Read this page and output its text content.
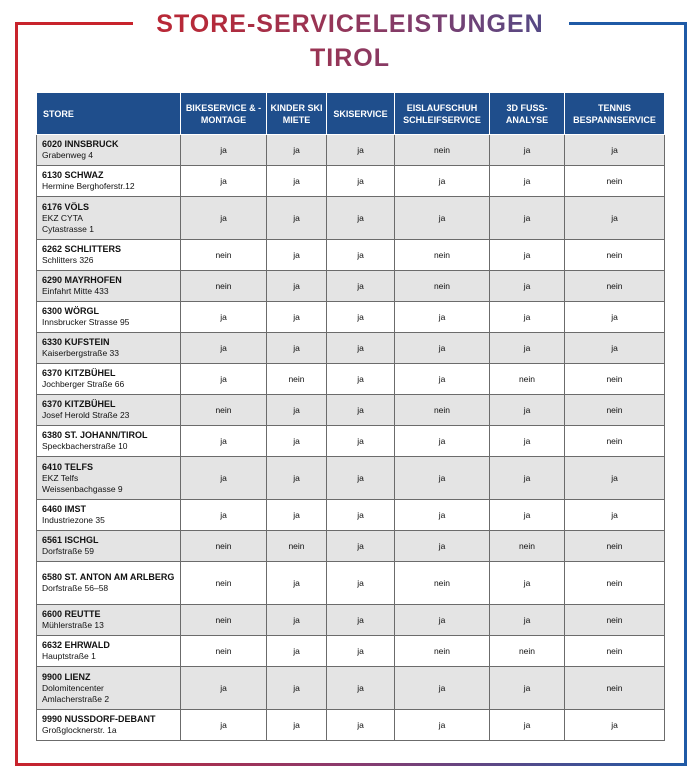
STORE-SERVICELEISTUNGEN
TIROL
STORE	BIKESERVICE & -MONTAGE	KINDER SKI MIETE	SKISERVICE	EISLAUFSCHUH SCHLEIFSERVICE	3D FUSS-ANALYSE	TENNIS BESPANNSERVICE

6020 INNSBRUCK
Grabenweg 4	ja	ja	ja	nein	ja	ja

6130 SCHWAZ
Hermine Berghoferstr.12	ja	ja	ja	ja	ja	nein

6176 VÖLS
EKZ CYTA
Cytastrasse 1	ja	ja	ja	ja	ja	ja

6262 SCHLITTERS
Schlitters 326	nein	ja	ja	nein	ja	nein

6290 MAYRHOFEN
Einfahrt Mitte 433	nein	ja	ja	nein	ja	nein

6300 WÖRGL
Innsbrucker Strasse 95	ja	ja	ja	ja	ja	ja

6330 KUFSTEIN
Kaiserbergstraße 33	ja	ja	ja	ja	ja	ja

6370 KITZBÜHEL
Jochberger Straße 66	ja	nein	ja	ja	nein	nein

6370 KITZBÜHEL
Josef Herold Straße 23	nein	ja	ja	nein	ja	nein

6380 ST. JOHANN/TIROL
Speckbacherstraße 10	ja	ja	ja	ja	ja	nein

6410 TELFS
EKZ Telfs
Weissenbachgasse 9	ja	ja	ja	ja	ja	ja

6460 IMST
Industriezone 35	ja	ja	ja	ja	ja	ja

6561 ISCHGL
Dorfstraße 59	nein	nein	ja	ja	nein	nein

6580 ST. ANTON AM ARLBERG
Dorfstraße 56–58	nein	ja	ja	nein	ja	nein

6600 REUTTE
Mühlerstraße 13	nein	ja	ja	ja	ja	nein

6632 EHRWALD
Hauptstraße 1	nein	ja	ja	nein	nein	nein

9900 LIENZ
Dolomitencenter
Amlacherstraße 2	ja	ja	ja	ja	ja	nein

9990 NUSSDORF-DEBANT
Großglocknerstr. 1a	ja	ja	ja	ja	ja	ja
